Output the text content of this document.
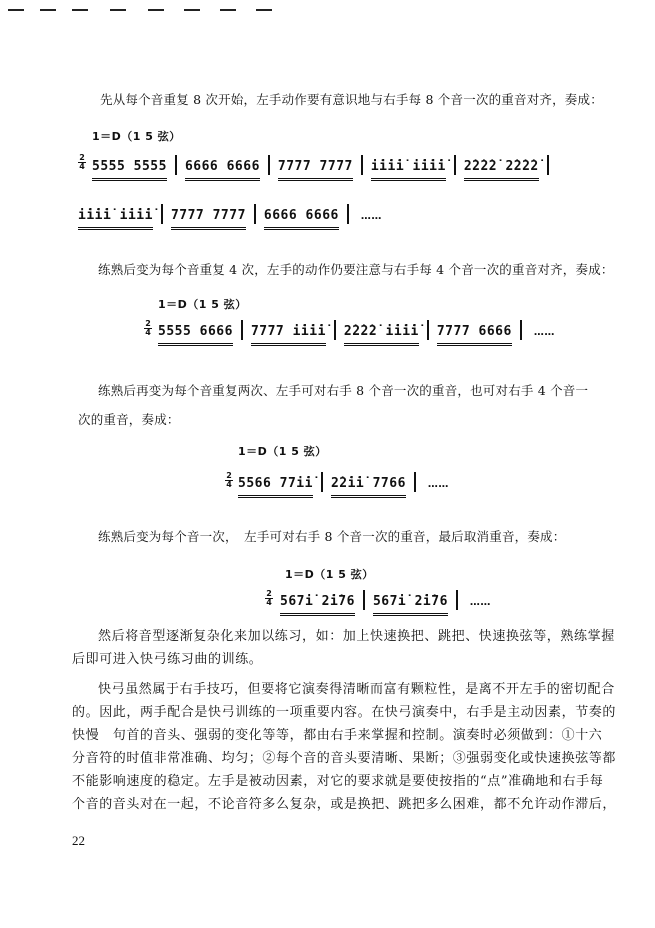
先从每个音重复 8 次开始，左手动作要有意识地与右手每 8 个音一次的重音对齐，奏成：
1＝D（1 5 弦）
2
4 5555 5555 6666 6666 7777 7777 i̇i̇i̇i̇ i̇i̇i̇i̇ 2̇2̇2̇2̇ 2̇2̇2̇2̇
i̇i̇i̇i̇ i̇i̇i̇i̇ 7777 7777 6666 6666 ……
练熟后变为每个音重复 4 次，左手的动作仍要注意与右手每 4 个音一次的重音对齐，奏成：
1＝D（1 5 弦）
2
4 5555 6666 7777 i̇i̇i̇i̇ 2̇2̇2̇2̇ i̇i̇i̇i̇ 7777 6666 ……
练熟后再变为每个音重复两次、左手可对右手 8 个音一次的重音，也可对右手 4 个音一
次的重音，奏成：
1＝D（1 5 弦）
2
4 5566 77i̇i̇ 2̇2̇i̇i̇ 7766 ……
练熟后变为每个音一次，　左手可对右手 8 个音一次的重音，最后取消重音，奏成：
1＝D（1 5 弦）
2
4 567i̇ 2̇i̇76 567i̇ 2̇i̇76 ……
然后将音型逐渐复杂化来加以练习，如：加上快速换把、跳把、快速换弦等，熟练掌握
后即可进入快弓练习曲的训练。
快弓虽然属于右手技巧，但要将它演奏得清晰而富有颗粒性，是离不开左手的密切配合
的。因此，两手配合是快弓训练的一项重要内容。在快弓演奏中，右手是主动因素，节奏的
快慢　句首的音头、强弱的变化等等，都由右手来掌握和控制。演奏时必须做到：①十六
分音符的时值非常准确、均匀；②每个音的音头要清晰、果断；③强弱变化或快速换弦等都
不能影响速度的稳定。左手是被动因素，对它的要求就是要使按指的“点”准确地和右手每
个音的音头对在一起，不论音符多么复杂，或是换把、跳把多么困难，都不允许动作滞后，
22
